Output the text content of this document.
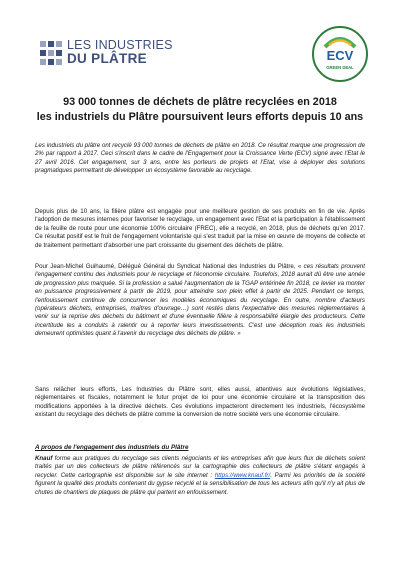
LES INDUSTRIES
DU PLÂTRE	ECV
GREEN DEAL
93 000 tonnes de déchets de plâtre recyclées en 2018
les industriels du Plâtre poursuivent leurs efforts depuis 10 ans

Les industriels du plâtre ont recyclé 93 000 tonnes de déchets de plâtre en 2018. Ce résultat marque une progression de 2% par rapport à 2017. Ceci s'inscrit dans le cadre de l'Engagement pour la Croissance Verte (ECV) signé avec l'Etat le 27 avril 2016. Cet engagement, sur 3 ans, entre les porteurs de projets et l'Etat, vise à déployer des solutions pragmatiques permettant de développer un écosystème favorable au recyclage.

Depuis plus de 10 ans, la filière plâtre est engagée pour une meilleure gestion de ses produits en fin de vie. Après l'adoption de mesures internes pour favoriser le recyclage, un engagement avec l'Etat et la participation à l'établissement de la feuille de route pour une économie 100% circulaire (FREC), elle a recyclé, en 2018, plus de déchets qu'en 2017. Ce résultat positif est le fruit de l'engagement volontariste qui s'est traduit par la mise en œuvre de moyens de collecte et de traitement permettant d'absorber une part croissante du gisement des déchets de plâtre.

Pour Jean-Michel Guihaumé, Délégué Général du Syndicat National des Industries du Plâtre, « ces résultats prouvent l'engagement continu des industriels pour le recyclage et l'économie circulaire. Toutefois, 2018 aurait dû être une année de progression plus marquée. Si la profession a salué l'augmentation de la TGAP entérinée fin 2018, ce levier va monter en puissance progressivement à partir de 2019, pour atteindre son plein effet à partir de 2025. Pendant ce temps, l'enfouissement continue de concurrencer les modèles économiques du recyclage. En outre, nombre d'acteurs (opérateurs déchets, entreprises, maîtres d'ouvrage…) sont restés dans l'expectative des mesures réglementaires à venir sur la reprise des déchets du bâtiment et d'une éventuelle filière à responsabilité élargie des producteurs. Cette incertitude les a conduits à ralentir ou à reporter leurs investissements. C'est une déception mais les industriels demeurent optimistes quant à l'avenir du recyclage des déchets de plâtre. »

Sans relâcher leurs efforts, Les Industries du Plâtre sont, elles aussi, attentives aux évolutions législatives, réglementaires et fiscales, notamment le futur projet de loi pour une économie circulaire et la transposition des modifications apportées à la directive déchets. Ces évolutions impacteront directement les industriels, l'écosystème existant du recyclage des déchets de plâtre comme la conversion de notre société vers une économie circulaire.

A propos de l'engagement des industriels du Plâtre

Knauf forme aux pratiques du recyclage ses clients négociants et les entreprises afin que leurs flux de déchets soient traités par un des collecteurs de plâtre référencés sur la cartographie des collecteurs de plâtre s'étant engagés à recycler. Cette cartographie est disponible sur le site internet : https://www.knauf.fr/. Parmi les priorités de la société figurent la qualité des produits contenant du gypse recyclé et la sensibilisation de tous les acteurs afin qu'il n'y ait plus de chutes de chantiers de plaques de plâtre qui partent en enfouissement.
